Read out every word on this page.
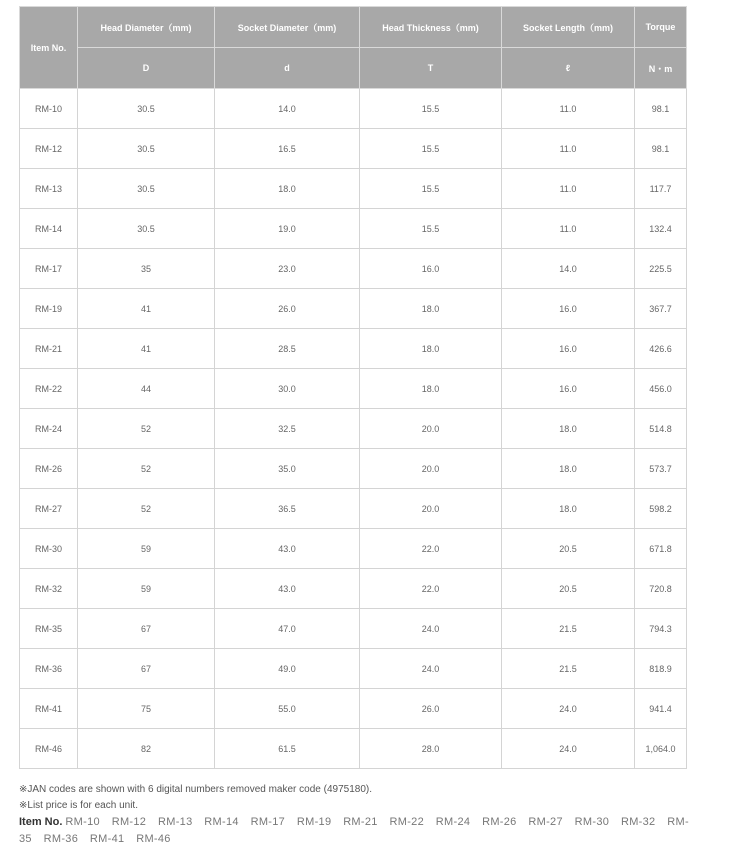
Item No.	Head Diameter（mm)	Socket Diameter（mm)	Head Thickness（mm)	Socket Length（mm)	Torque
	D	d	T	ℓ	N・m
RM-10	30.5	14.0	15.5	11.0	98.1
RM-12	30.5	16.5	15.5	11.0	98.1
RM-13	30.5	18.0	15.5	11.0	117.7
RM-14	30.5	19.0	15.5	11.0	132.4
RM-17	35	23.0	16.0	14.0	225.5
RM-19	41	26.0	18.0	16.0	367.7
RM-21	41	28.5	18.0	16.0	426.6
RM-22	44	30.0	18.0	16.0	456.0
RM-24	52	32.5	20.0	18.0	514.8
RM-26	52	35.0	20.0	18.0	573.7
RM-27	52	36.5	20.0	18.0	598.2
RM-30	59	43.0	22.0	20.5	671.8
RM-32	59	43.0	22.0	20.5	720.8
RM-35	67	47.0	24.0	21.5	794.3
RM-36	67	49.0	24.0	21.5	818.9
RM-41	75	55.0	26.0	24.0	941.4
RM-46	82	61.5	28.0	24.0	1,064.0
※JAN codes are shown with 6 digital numbers removed maker code (4975180).
※List price is for each unit.
Item No. RM-10 RM-12 RM-13 RM-14 RM-17 RM-19 RM-21 RM-22 RM-24 RM-26 RM-27 RM-30 RM-32 RM-35 RM-36 RM-41 RM-46
